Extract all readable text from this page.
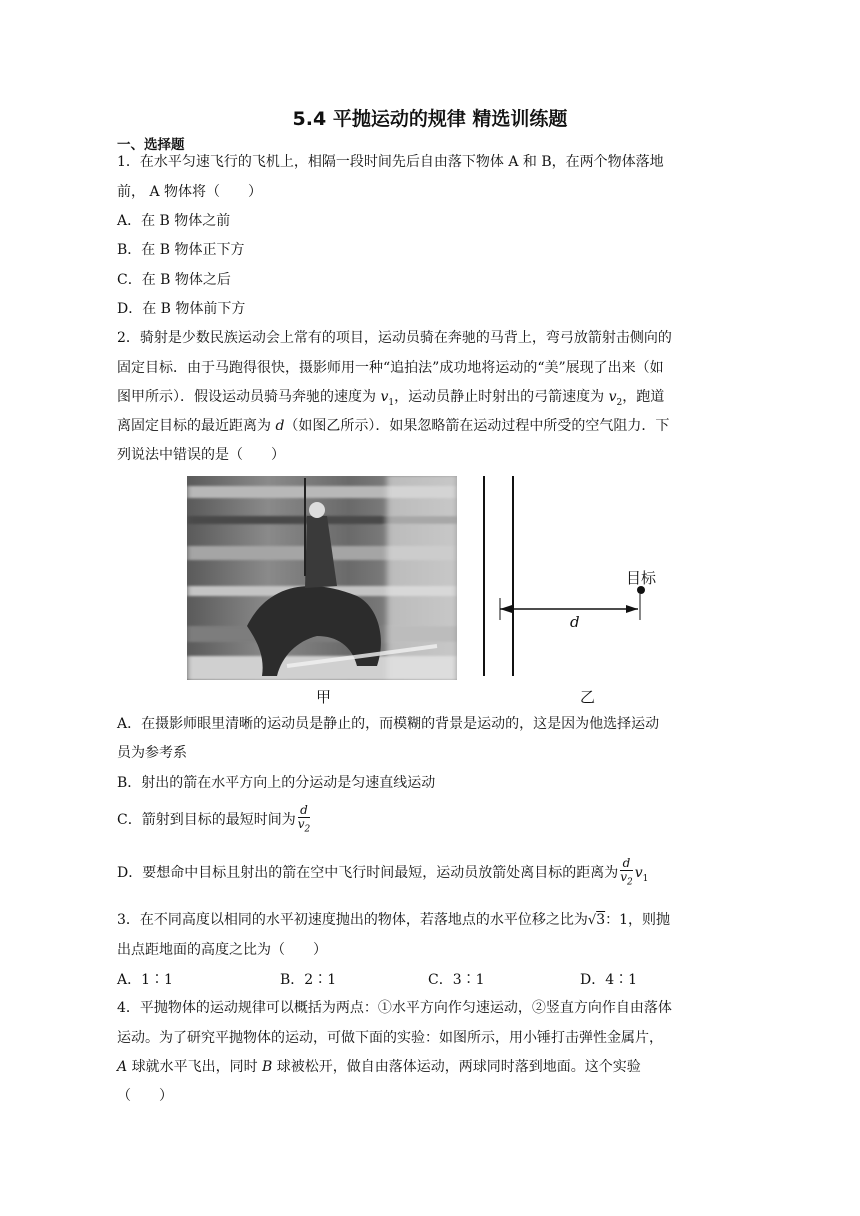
5.4 平抛运动的规律 精选训练题
一、选择题
1．在水平匀速飞行的飞机上，相隔一段时间先后自由落下物体 A 和 B，在两个物体落地
前， A 物体将（　　）
A．在 B 物体之前
B．在 B 物体正下方
C．在 B 物体之后
D．在 B 物体前下方
2．骑射是少数民族运动会上常有的项目，运动员骑在奔驰的马背上，弯弓放箭射击侧向的
固定目标．由于马跑得很快，摄影师用一种“追拍法”成功地将运动的“美”展现了出来（如
图甲所示）．假设运动员骑马奔驰的速度为 $v_1$，运动员静止时射出的弓箭速度为 $v_2$，跑道
离固定目标的最近距离为 d（如图乙所示）．如果忽略箭在运动过程中所受的空气阻力．下
列说法中错误的是（　　）
甲
目标
d
乙
A．在摄影师眼里清晰的运动员是静止的，而模糊的背景是运动的，这是因为他选择运动
员为参考系
B．射出的箭在水平方向上的分运动是匀速直线运动
C．箭射到目标的最短时间为 $\frac{d}{v_2}$
D．要想命中目标且射出的箭在空中飞行时间最短，运动员放箭处离目标的距离为 $\frac{d}{v_2} v_1$
3．在不同高度以相同的水平初速度抛出的物体，若落地点的水平位移之比为√3：1，则抛
出点距地面的高度之比为（　　）
A．1∶1	B．2∶1	C．3∶1	D．4∶1
4．平抛物体的运动规律可以概括为两点：①水平方向作匀速运动，②竖直方向作自由落体
运动。为了研究平抛物体的运动，可做下面的实验：如图所示，用小锤打击弹性金属片，
A 球就水平飞出，同时 B 球被松开，做自由落体运动，两球同时落到地面。这个实验
（　　）
